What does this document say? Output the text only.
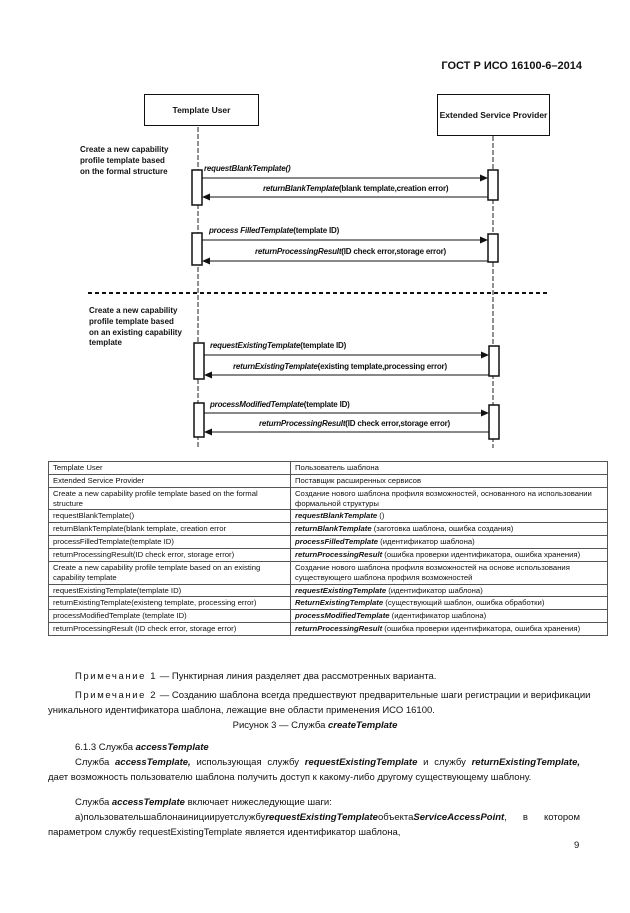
ГОСТ Р ИСО 16100-6–2014
Template User	Extended Service Provider
Create a new capability
profile template based
on the formal structure
Create a new capability
profile template based
on an existing capability
template
requestBlankTemplate()
returnBlankTemplate(blank template,creation error)
process FilledTemplate(template ID)
returnProcessingResult(ID check error,storage error)
requestExistingTemplate(template ID)
returnExistingTemplate(existing template,processing error)
processModifiedTemplate(template ID)
returnProcessingResult(ID check error,storage error)
Template User	Пользователь шаблона
Extended Service Provider	Поставщик расширенных сервисов
Create a new capability profile template based on the formal structure	Создание нового шаблона профиля возможностей, основанного на использовании формальной структуры
requestBlankTemplate()	requestBlankTemplate ()
returnBlankTemplate(blank template, creation error	returnBlankTemplate (заготовка шаблона, ошибка создания)
processFilledTemplate(template ID)	processFilledTemplate (идентификатор шаблона)
returnProcessingResult(ID check error, storage error)	returnProcessingResult (ошибка проверки идентификатора, ошибка хранения)
Create a new capability profile template based on an existing capability template	Создание нового шаблона профиля возможностей на основе использования существующего шаблона профиля возможностей
requestExistingTemplate(template ID)	requestExistingTemplate (идентификатор шаблона)
returnExistingTemplate(existeng template, processing error)	ReturnExistingTemplate (существующий шаблон, ошибка обработки)
processModifiedTemplate (template ID)	processModifiedTemplate (идентификатор шаблона)
returnProcessingResult (ID check error, storage error)	returnProcessingResult (ошибка проверки идентификатора, ошибка хранения)
Примечание 1 — Пунктирная линия разделяет два рассмотренных варианта.
Примечание 2 — Созданию шаблона всегда предшествуют предварительные шаги регистрации и верификации уникального идентификатора шаблона, лежащие вне области применения ИСО 16100.
Рисунок 3 — Служба createTemplate
6.1.3 Служба accessTemplate
Служба accessTemplate, использующая службу requestExistingTemplate и службу returnExistingTemplate, дает возможность пользователю шаблона получить доступ к какому-либо другому существующему шаблону.
Служба accessTemplate включает нижеследующие шаги:
а)пользовательшаблонаинициируетслужбуrequestExistingTemplateобъектаServiceAccessPoint, в котором параметром службу requestExistingTemplate является идентификатор шаблона,
9
